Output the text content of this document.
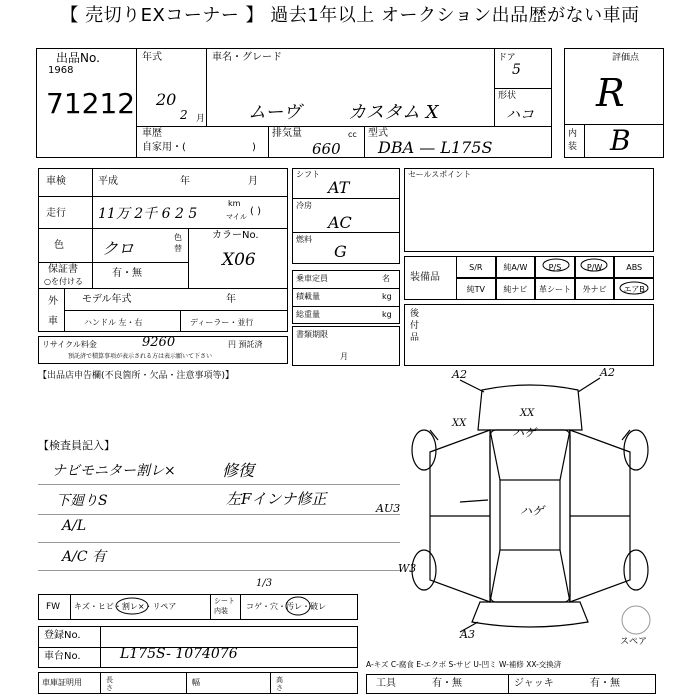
【 売切りEXコーナー 】 過去1年以上 オークション出品歴がない車両
出品No.
1968
71212
年式
20
2 月
車名・グレード
ムーヴ	カスタム X
ドア
5
形状
ハコ
車歴
自家用・(	)
排気量	cc
660
型式
DBA — L175S
評価点
R
内装 B
車検	平成	年	月
走行 11万 2千 6 2 5
km
マイル ( )
色 クロ
色替
カラーNo.
X06
保証書
○を付ける
有・無
外
車
モデル年式	年
ハンドル 左・右	ディーラー・並行
リサイクル料金	9260	円 預託済
預託済で積算事項が表示される方は表示願いて下さい
シフト
AT
冷房
AC
燃料
G
乗車定員	名
積載量	kg
総重量	kg
書類期限
月
セールスポイント
装備品
S/R	純A/W	P/S	P/W	ABS
純TV	純ナビ	革シート	外ナビ	エアB
後付品
【出品店申告欄(不良箇所・欠品・注意事項等)】
【検査員記入】
ナビモニター割レ×	修復
下廻りS	左Fインナ修正
A/L
A/C 有
FW キズ・ヒビ・割レ×・リペア
シート内装	コゲ・穴・汚レ・破レ
1/3
登録No.
車台No.	L175S- 1074076
車庫証明用	長さ
幅	高さ
A2	A2
XX
ハゲ
XX
AU3	ハゲ
W3
A3
スペア
A-キズ C-腐食 E-エクボ S-サビ U-凹ミ W-補修 XX-交換済
工具	有・無	ジャッキ	有・無
